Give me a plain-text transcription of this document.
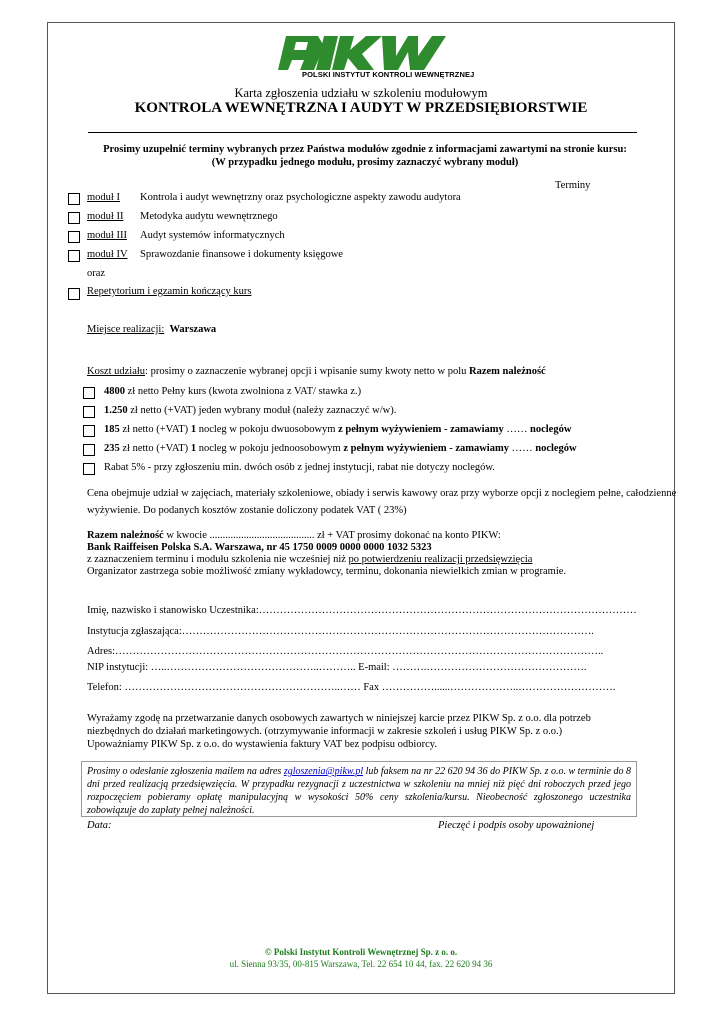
POLSKI INSTYTUT KONTROLI WEWNĘTRZNEJ
Karta zgłoszenia udziału w szkoleniu modułowym
KONTROLA WEWNĘTRZNA I AUDYT W PRZEDSIĘBIORSTWIE
Prosimy uzupełnić terminy wybranych przez Państwa modułów zgodnie z informacjami zawartymi na stronie kursu:
(W przypadku jednego modułu, prosimy zaznaczyć wybrany moduł)
Terminy
moduł I Kontrola i audyt wewnętrzny oraz psychologiczne aspekty zawodu audytora
moduł II Metodyka audytu wewnętrznego
moduł III Audyt systemów informatycznych
moduł IV Sprawozdanie finansowe i dokumenty księgowe
oraz
Repetytorium i egzamin kończący kurs
Miejsce realizacji: Warszawa
Koszt udziału: prosimy o zaznaczenie wybranej opcji i wpisanie sumy kwoty netto w polu Razem należność
4800 zł netto Pełny kurs (kwota zwolniona z VAT/ stawka z.)
1.250 zł netto (+VAT) jeden wybrany moduł (należy zaznaczyć w/w).
185 zł netto (+VAT) 1 nocleg w pokoju dwuosobowym z pełnym wyżywieniem - zamawiamy …… noclegów
235 zł netto (+VAT) 1 nocleg w pokoju jednoosobowym z pełnym wyżywieniem - zamawiamy …… noclegów
Rabat 5% - przy zgłoszeniu min. dwóch osób z jednej instytucji, rabat nie dotyczy noclegów.
Cena obejmuje udział w zajęciach, materiały szkoleniowe, obiady i serwis kawowy oraz przy wyborze opcji z noclegiem pełne, całodzienne
wyżywienie. Do podanych kosztów zostanie doliczony podatek VAT ( 23%)
Razem należność w kwocie ........................................ zł + VAT prosimy dokonać na konto PIKW:
Bank Raiffeisen Polska S.A. Warszawa, nr 45 1750 0009 0000 0000 1032 5323
z zaznaczeniem terminu i modułu szkolenia nie wcześniej niż po potwierdzeniu realizacji przedsięwzięcia
Organizator zastrzega sobie możliwość zmiany wykładowcy, terminu, dokonania niewielkich zmian w programie.
Imię, nazwisko i stanowisko Uczestnika:………………………………………………………………………………………………
Instytucja zgłaszająca:……………………………………………………………………………………………………….
Adres:…………………………………………………………………………………………………………………………..
NIP instytucji: …..……………………………………..……….. E-mail: ……….……………………………………….
Telefon: ……………………………………………………..…… Fax ……………......………………..……………………….
Wyrażamy zgodę na przetwarzanie danych osobowych zawartych w niniejszej karcie przez PIKW Sp. z o.o. dla potrzeb
niezbędnych do działań marketingowych. (otrzymywanie informacji w zakresie szkoleń i usług PIKW Sp. z o.o.)
Upoważniamy PIKW Sp. z o.o. do wystawienia faktury VAT bez podpisu odbiorcy.
Prosimy o odesłanie zgłoszenia mailem na adres zgloszenia@pikw.pl lub faksem na nr 22 620 94 36 do PIKW Sp. z o.o. w terminie do 8 dni przed realizacją przedsięwzięcia. W przypadku rezygnacji z uczestnictwa w szkoleniu na mniej niż pięć dni roboczych przed jego rozpoczęciem pobieramy opłatę manipulacyjną w wysokości 50% ceny szkolenia/kursu. Nieobecność zgłoszonego uczestnika zobowiązuje do zapłaty pełnej należności.
Data:	Pieczęć i podpis osoby upoważnionej
© Polski Instytut Kontroli Wewnętrznej Sp. z o. o.
ul. Sienna 93/35, 00-815 Warszawa, Tel. 22 654 10 44, fax. 22 620 94 36
